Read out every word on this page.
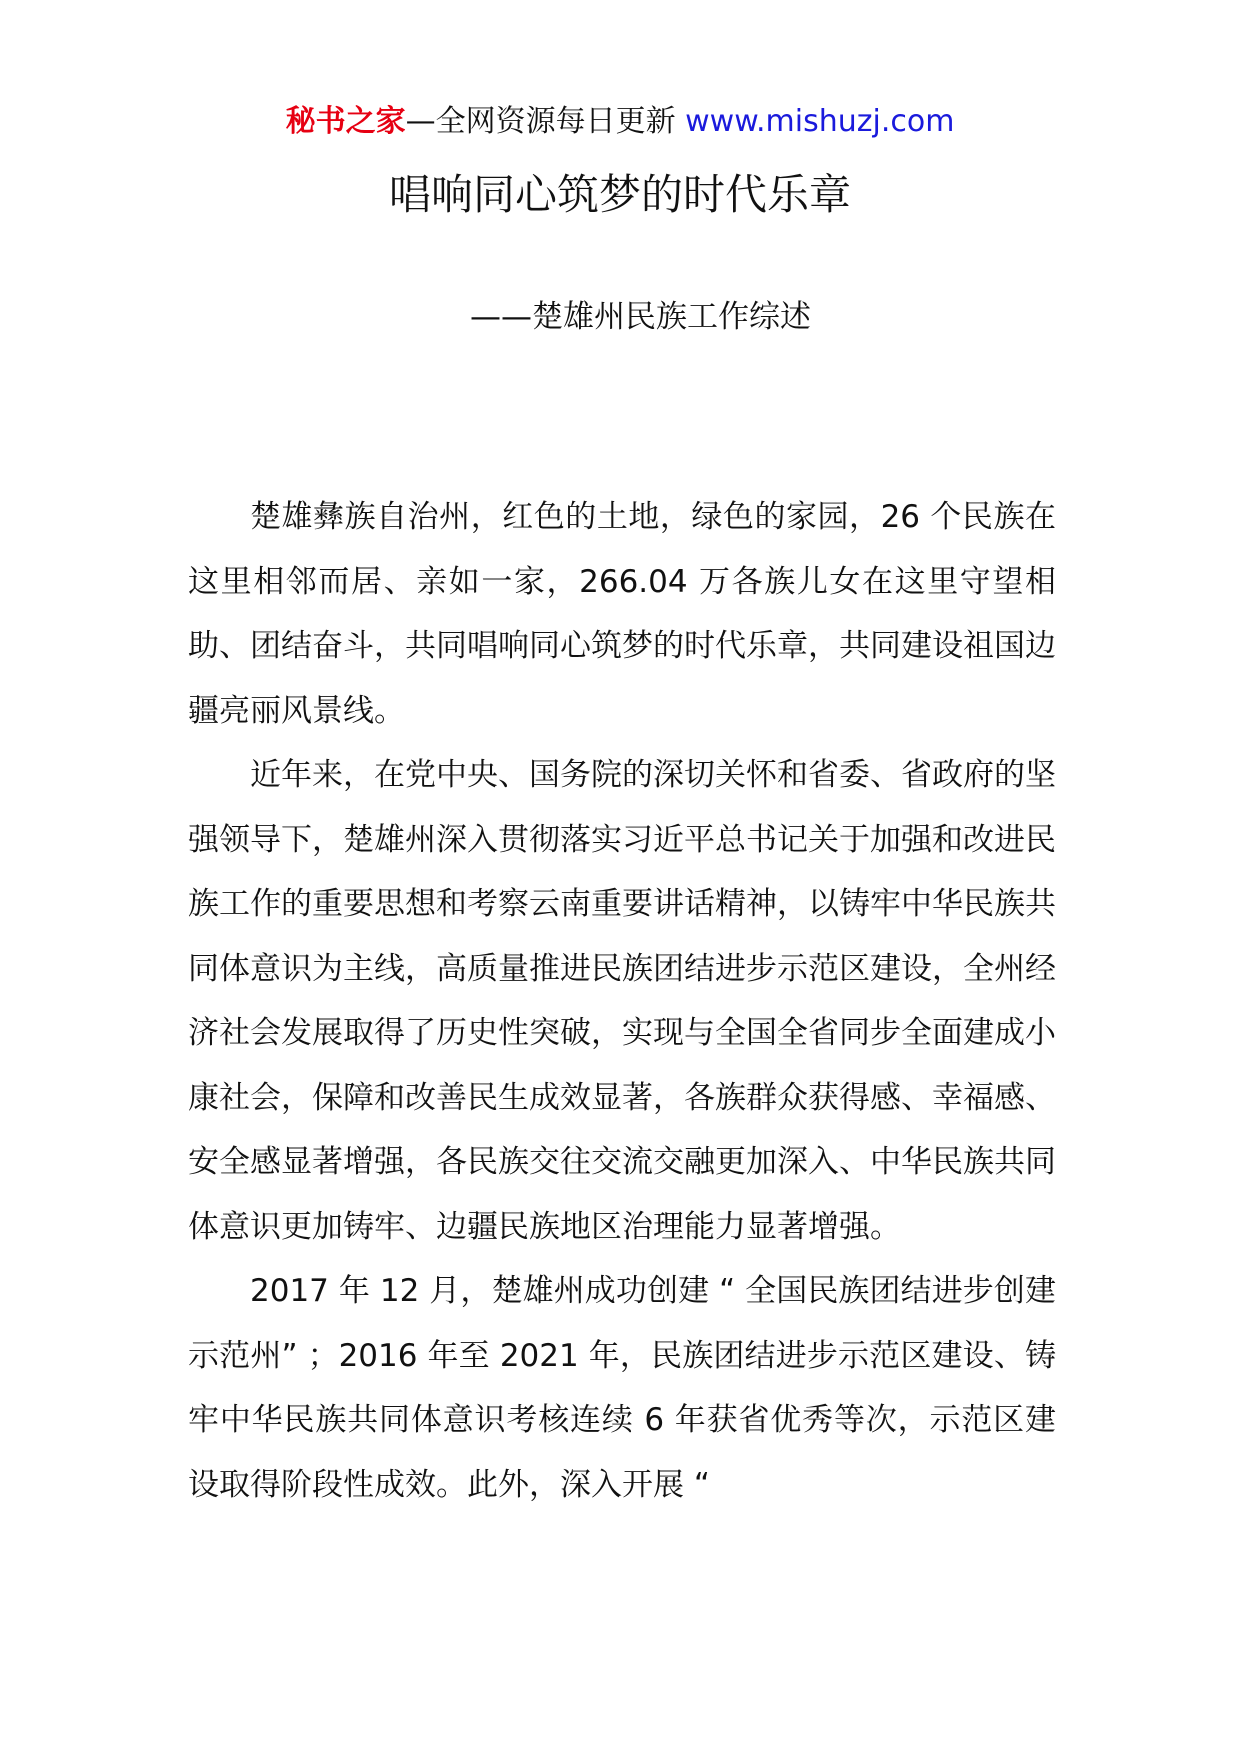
秘书之家—全网资源每日更新 www.mishuzj.com
唱响同心筑梦的时代乐章
——楚雄州民族工作综述

楚雄彝族自治州，红色的土地，绿色的家园，26 个民族在这里相邻而居、亲如一家，266.04 万各族儿女在这里守望相助、团结奋斗，共同唱响同心筑梦的时代乐章，共同建设祖国边疆亮丽风景线。

近年来，在党中央、国务院的深切关怀和省委、省政府的坚强领导下，楚雄州深入贯彻落实习近平总书记关于加强和改进民族工作的重要思想和考察云南重要讲话精神，以铸牢中华民族共同体意识为主线，高质量推进民族团结进步示范区建设，全州经济社会发展取得了历史性突破，实现与全国全省同步全面建成小康社会，保障和改善民生成效显著，各族群众获得感、幸福感、安全感显著增强，各民族交往交流交融更加深入、中华民族共同体意识更加铸牢、边疆民族地区治理能力显著增强。

2017 年 12 月，楚雄州成功创建 “ 全国民族团结进步创建示范州” ；2016 年至 2021 年，民族团结进步示范区建设、铸牢中华民族共同体意识考核连续 6 年获省优秀等次，示范区建设取得阶段性成效。此外，深入开展 “
